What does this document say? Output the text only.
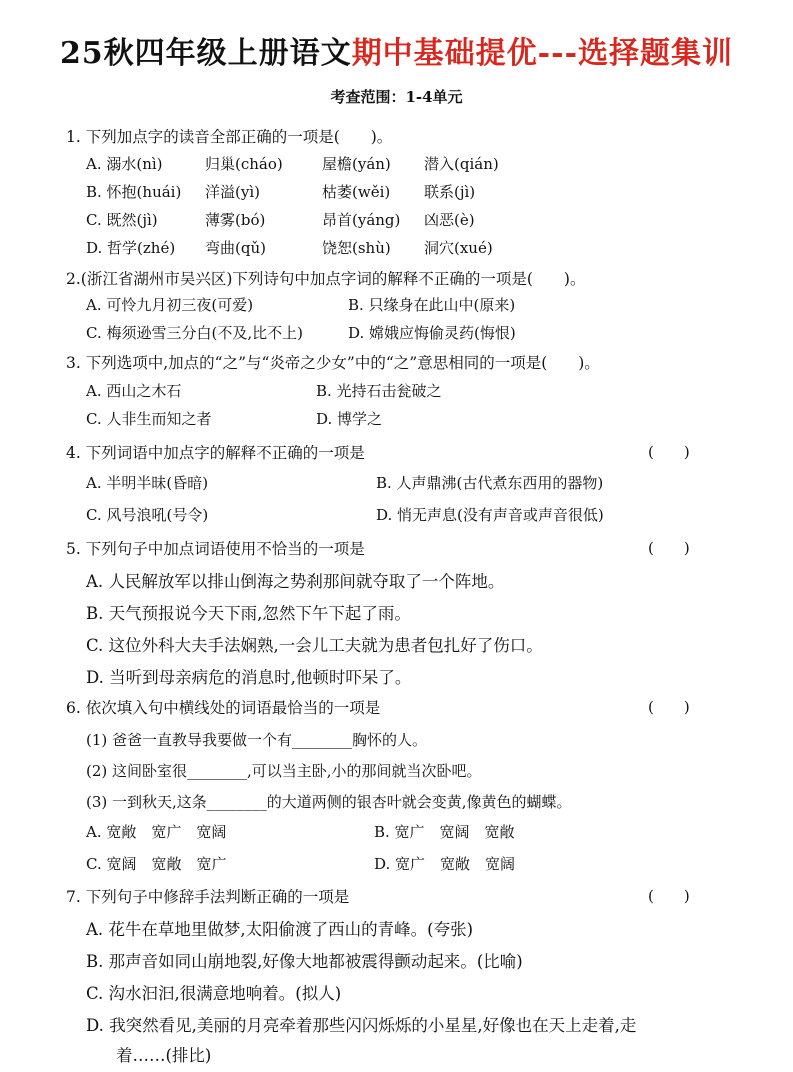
25秋四年级上册语文期中基础提优---选择题集训
考查范围：1-4单元
1. 下列加点字的读音全部正确的一项是(　　)。
A. 溺水(nì)	归巢(cháo)	屋檐(yán) 潜入(qián)
B. 怀抱(huái) 洋溢(yì)	枯萎(wěi) 联系(jì)
C. 既然(jì)	薄雾(bó)	昂首(yáng) 凶恶(è)
D. 哲学(zhé) 弯曲(qǔ)	饶恕(shù) 洞穴(xué)
2.(浙江省湖州市吴兴区)下列诗句中加点字词的解释不正确的一项是(　　)。
A. 可怜九月初三夜(可爱)	B. 只缘身在此山中(原来)
C. 梅须逊雪三分白(不及,比不上)	D. 嫦娥应悔偷灵药(悔恨)
3. 下列选项中,加点的“之”与“炎帝之少女”中的“之”意思相同的一项是(　　)。
A. 西山之木石	B. 光持石击瓮破之
C. 人非生而知之者	D. 博学之
4. 下列词语中加点字的解释不正确的一项是	(　　)
A. 半明半昧(昏暗)	B. 人声鼎沸(古代煮东西用的器物)
C. 风号浪吼(号令)	D. 悄无声息(没有声音或声音很低)
5. 下列句子中加点词语使用不恰当的一项是	(　　)
A. 人民解放军以排山倒海之势刹那间就夺取了一个阵地。
B. 天气预报说今天下雨,忽然下午下起了雨。
C. 这位外科大夫手法娴熟,一会儿工夫就为患者包扎好了伤口。
D. 当听到母亲病危的消息时,他顿时吓呆了。
6. 依次填入句中横线处的词语最恰当的一项是	(　　)
(1) 爸爸一直教导我要做一个有________胸怀的人。
(2) 这间卧室很________,可以当主卧,小的那间就当次卧吧。
(3) 一到秋天,这条________的大道两侧的银杏叶就会变黄,像黄色的蝴蝶。
A. 宽敞　宽广　宽阔	B. 宽广　宽阔　宽敞
C. 宽阔　宽敞　宽广	D. 宽广　宽敞　宽阔
7. 下列句子中修辞手法判断正确的一项是	(　　)
A. 花牛在草地里做梦,太阳偷渡了西山的青峰。(夸张)
B. 那声音如同山崩地裂,好像大地都被震得颤动起来。(比喻)
C. 沟水汩汩,很满意地响着。(拟人)
D. 我突然看见,美丽的月亮牵着那些闪闪烁烁的小星星,好像也在天上走着,走
着……(排比)
